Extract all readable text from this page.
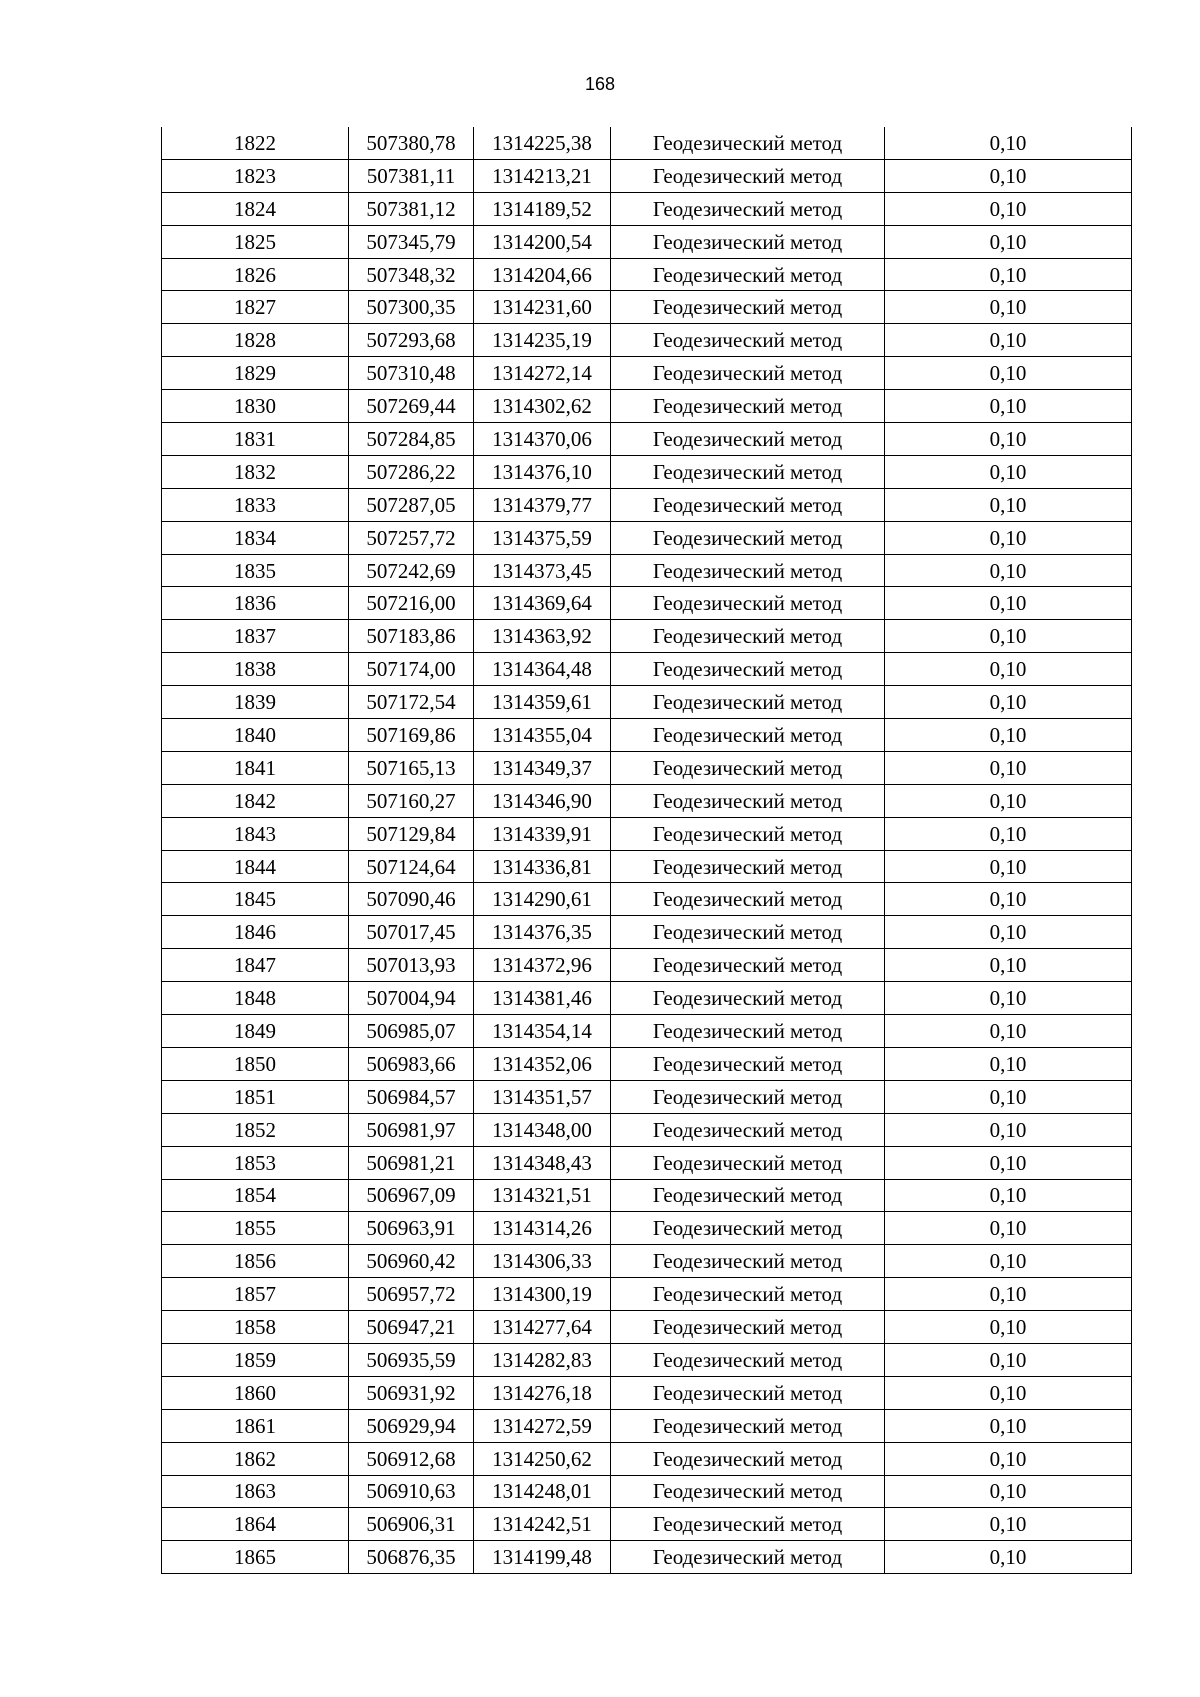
168
1822	507380,78	1314225,38	Геодезический метод	0,10
1823	507381,11	1314213,21	Геодезический метод	0,10
1824	507381,12	1314189,52	Геодезический метод	0,10
1825	507345,79	1314200,54	Геодезический метод	0,10
1826	507348,32	1314204,66	Геодезический метод	0,10
1827	507300,35	1314231,60	Геодезический метод	0,10
1828	507293,68	1314235,19	Геодезический метод	0,10
1829	507310,48	1314272,14	Геодезический метод	0,10
1830	507269,44	1314302,62	Геодезический метод	0,10
1831	507284,85	1314370,06	Геодезический метод	0,10
1832	507286,22	1314376,10	Геодезический метод	0,10
1833	507287,05	1314379,77	Геодезический метод	0,10
1834	507257,72	1314375,59	Геодезический метод	0,10
1835	507242,69	1314373,45	Геодезический метод	0,10
1836	507216,00	1314369,64	Геодезический метод	0,10
1837	507183,86	1314363,92	Геодезический метод	0,10
1838	507174,00	1314364,48	Геодезический метод	0,10
1839	507172,54	1314359,61	Геодезический метод	0,10
1840	507169,86	1314355,04	Геодезический метод	0,10
1841	507165,13	1314349,37	Геодезический метод	0,10
1842	507160,27	1314346,90	Геодезический метод	0,10
1843	507129,84	1314339,91	Геодезический метод	0,10
1844	507124,64	1314336,81	Геодезический метод	0,10
1845	507090,46	1314290,61	Геодезический метод	0,10
1846	507017,45	1314376,35	Геодезический метод	0,10
1847	507013,93	1314372,96	Геодезический метод	0,10
1848	507004,94	1314381,46	Геодезический метод	0,10
1849	506985,07	1314354,14	Геодезический метод	0,10
1850	506983,66	1314352,06	Геодезический метод	0,10
1851	506984,57	1314351,57	Геодезический метод	0,10
1852	506981,97	1314348,00	Геодезический метод	0,10
1853	506981,21	1314348,43	Геодезический метод	0,10
1854	506967,09	1314321,51	Геодезический метод	0,10
1855	506963,91	1314314,26	Геодезический метод	0,10
1856	506960,42	1314306,33	Геодезический метод	0,10
1857	506957,72	1314300,19	Геодезический метод	0,10
1858	506947,21	1314277,64	Геодезический метод	0,10
1859	506935,59	1314282,83	Геодезический метод	0,10
1860	506931,92	1314276,18	Геодезический метод	0,10
1861	506929,94	1314272,59	Геодезический метод	0,10
1862	506912,68	1314250,62	Геодезический метод	0,10
1863	506910,63	1314248,01	Геодезический метод	0,10
1864	506906,31	1314242,51	Геодезический метод	0,10
1865	506876,35	1314199,48	Геодезический метод	0,10
